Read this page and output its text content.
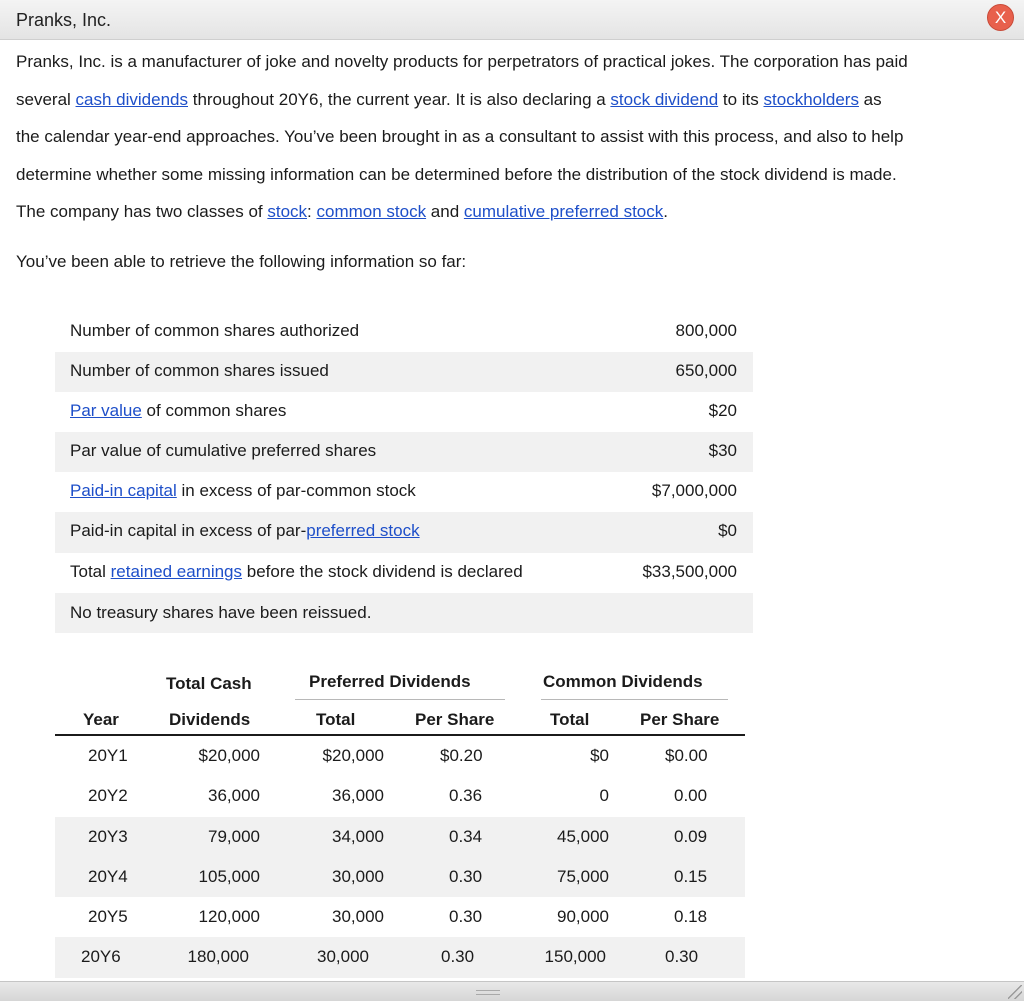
Pranks, Inc.	X
Pranks, Inc. is a manufacturer of joke and novelty products for perpetrators of practical jokes. The corporation has paid
several cash dividends throughout 20Y6, the current year. It is also declaring a stock dividend to its stockholders as
the calendar year-end approaches. You’ve been brought in as a consultant to assist with this process, and also to help
determine whether some missing information can be determined before the distribution of the stock dividend is made.
The company has two classes of stock: common stock and cumulative preferred stock.

You’ve been able to retrieve the following information so far:

Number of common shares authorized	800,000
Number of common shares issued	650,000
Par value of common shares	$20
Par value of cumulative preferred shares	$30
Paid-in capital in excess of par-common stock	$7,000,000
Paid-in capital in excess of par-preferred stock	$0
Total retained earnings before the stock dividend is declared	$33,500,000
No treasury shares have been reissued.
Total Cash	Preferred Dividends	Common Dividends
Year	Dividends	Total	Per Share	Total	Per Share
20Y1	$20,000	$20,000	$0.20	$0	$0.00
20Y2	36,000	36,000	0.36	0	0.00
20Y3	79,000	34,000	0.34	45,000	0.09
20Y4	105,000	30,000	0.30	75,000	0.15
20Y5	120,000	30,000	0.30	90,000	0.18
20Y6	180,000	30,000	0.30	150,000	0.30
